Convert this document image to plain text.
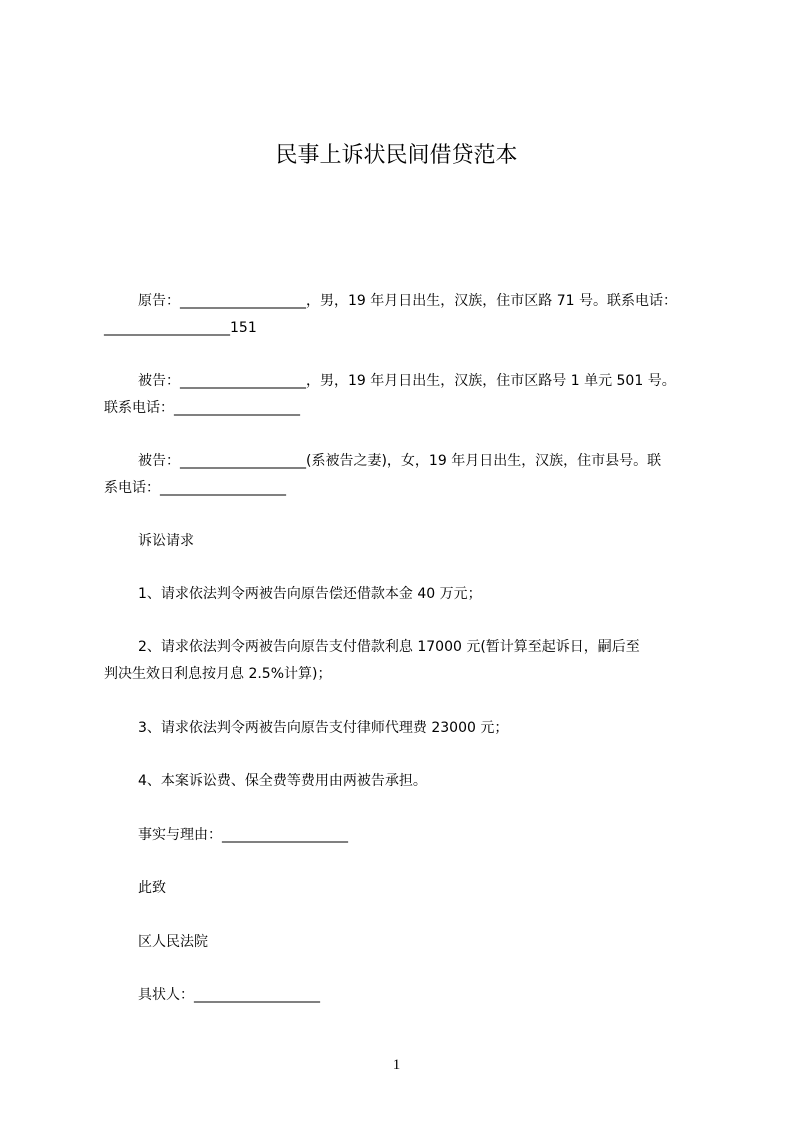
民事上诉状民间借贷范本
原告：__________________，男，19 年月日出生，汉族，住市区路 71 号。联系电话：
__________________151
被告：__________________，男，19 年月日出生，汉族，住市区路号 1 单元 501 号。
联系电话：__________________
被告：__________________(系被告之妻)，女，19 年月日出生，汉族，住市县号。联
系电话：__________________
诉讼请求
1、请求依法判令两被告向原告偿还借款本金 40 万元；
2、请求依法判令两被告向原告支付借款利息 17000 元(暂计算至起诉日，嗣后至
判决生效日利息按月息 2.5%计算)；
3、请求依法判令两被告向原告支付律师代理费 23000 元；
4、本案诉讼费、保全费等费用由两被告承担。
事实与理由：__________________
此致
区人民法院
具状人：__________________
1
